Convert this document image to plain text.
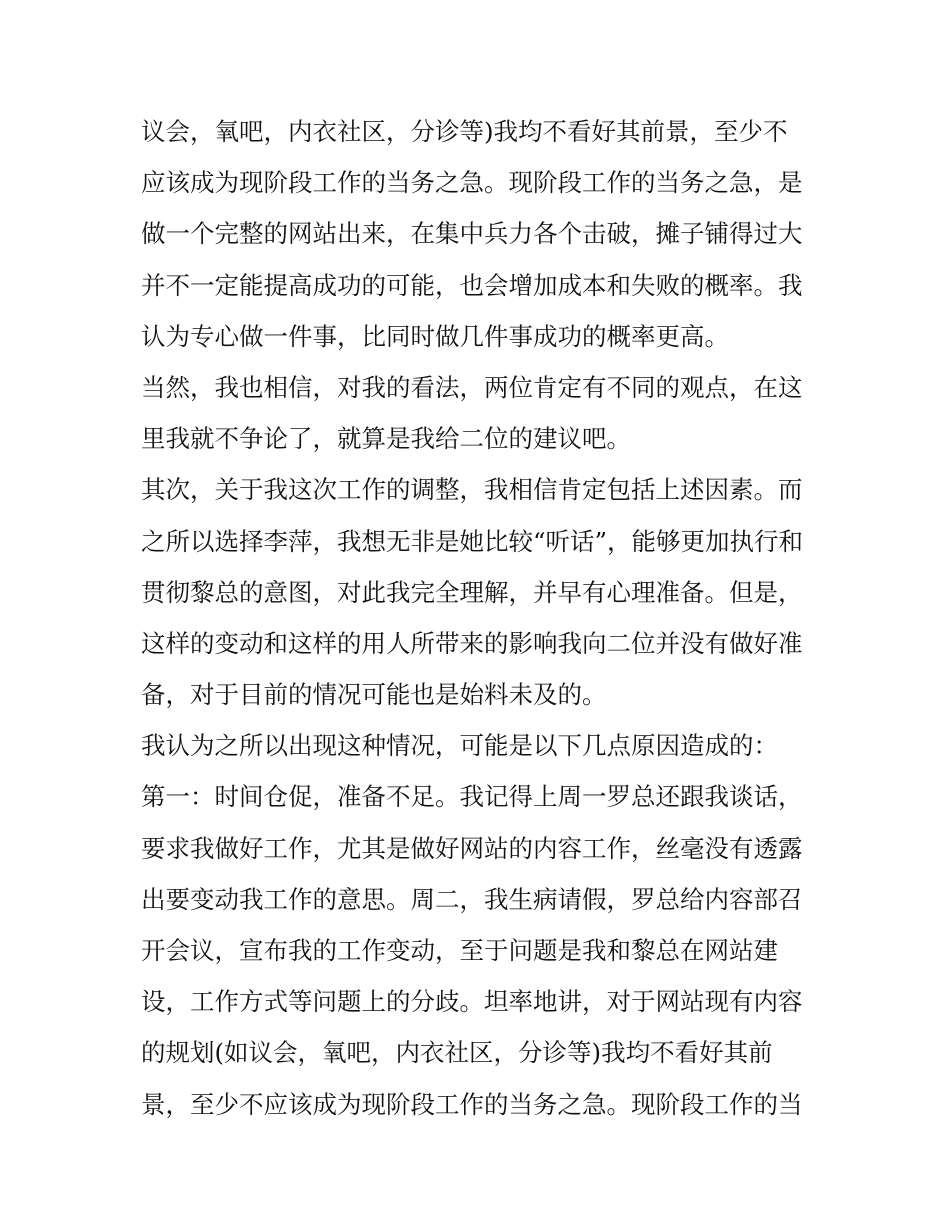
议会，氧吧，内衣社区，分诊等)我均不看好其前景，至少不
应该成为现阶段工作的当务之急。现阶段工作的当务之急，是
做一个完整的网站出来，在集中兵力各个击破，摊子铺得过大
并不一定能提高成功的可能，也会增加成本和失败的概率。我
认为专心做一件事，比同时做几件事成功的概率更高。
当然，我也相信，对我的看法，两位肯定有不同的观点，在这
里我就不争论了，就算是我给二位的建议吧。
其次，关于我这次工作的调整，我相信肯定包括上述因素。而
之所以选择李萍，我想无非是她比较“听话”，能够更加执行和
贯彻黎总的意图，对此我完全理解，并早有心理准备。但是，
这样的变动和这样的用人所带来的影响我向二位并没有做好准
备，对于目前的情况可能也是始料未及的。
我认为之所以出现这种情况，可能是以下几点原因造成的：
第一：时间仓促，准备不足。我记得上周一罗总还跟我谈话，
要求我做好工作，尤其是做好网站的内容工作，丝毫没有透露
出要变动我工作的意思。周二，我生病请假，罗总给内容部召
开会议，宣布我的工作变动，至于问题是我和黎总在网站建
设，工作方式等问题上的分歧。坦率地讲，对于网站现有内容
的规划(如议会，氧吧，内衣社区，分诊等)我均不看好其前
景，至少不应该成为现阶段工作的当务之急。现阶段工作的当
